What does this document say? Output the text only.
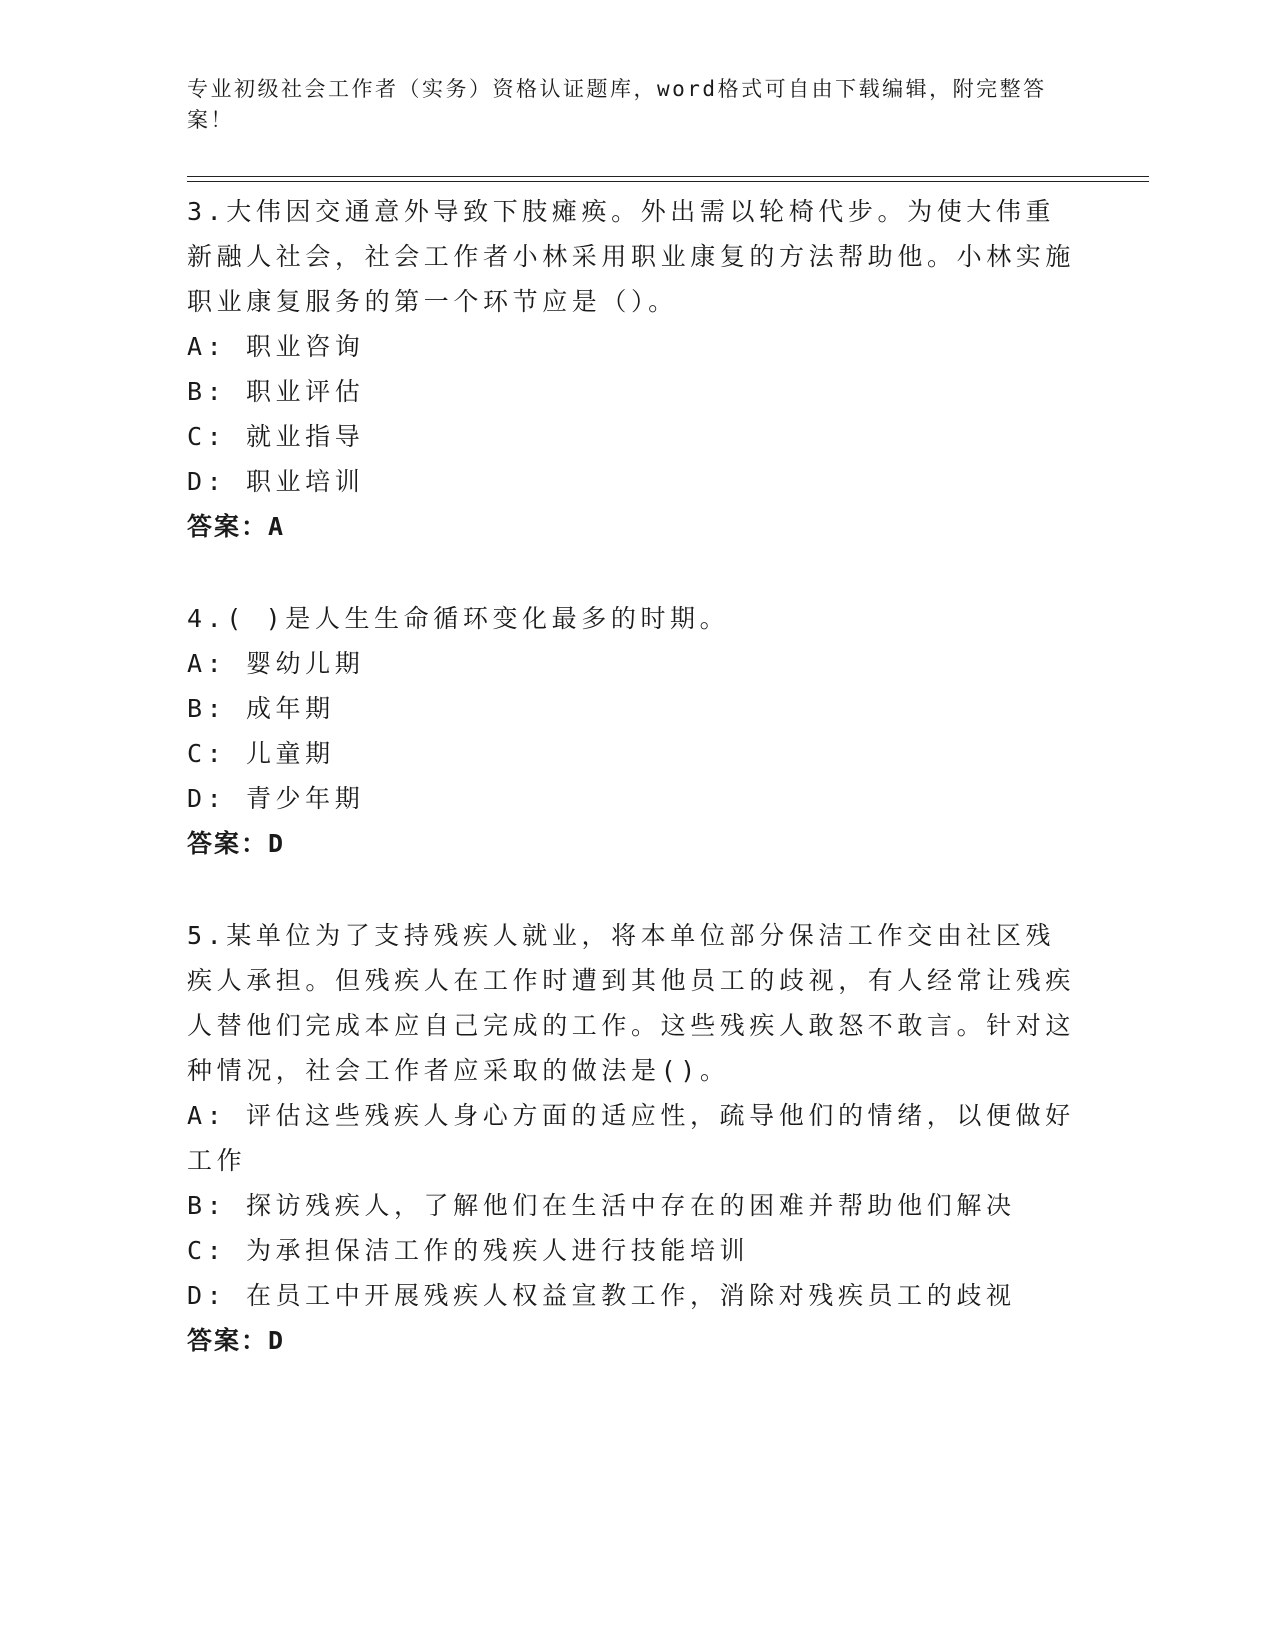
专业初级社会工作者（实务）资格认证题库，word格式可自由下载编辑，附完整答案！
3.大伟因交通意外导致下肢瘫痪。外出需以轮椅代步。为使大伟重新融人社会，社会工作者小林采用职业康复的方法帮助他。小林实施职业康复服务的第一个环节应是（）。
A: 职业咨询
B: 职业评估
C: 就业指导
D: 职业培训
答案：A
4.( )是人生生命循环变化最多的时期。
A: 婴幼儿期
B: 成年期
C: 儿童期
D: 青少年期
答案：D
5.某单位为了支持残疾人就业，将本单位部分保洁工作交由社区残疾人承担。但残疾人在工作时遭到其他员工的歧视，有人经常让残疾人替他们完成本应自己完成的工作。这些残疾人敢怒不敢言。针对这种情况，社会工作者应采取的做法是()。
A: 评估这些残疾人身心方面的适应性，疏导他们的情绪，以便做好工作
B: 探访残疾人，了解他们在生活中存在的困难并帮助他们解决
C: 为承担保洁工作的残疾人进行技能培训
D: 在员工中开展残疾人权益宣教工作，消除对残疾员工的歧视
答案：D
